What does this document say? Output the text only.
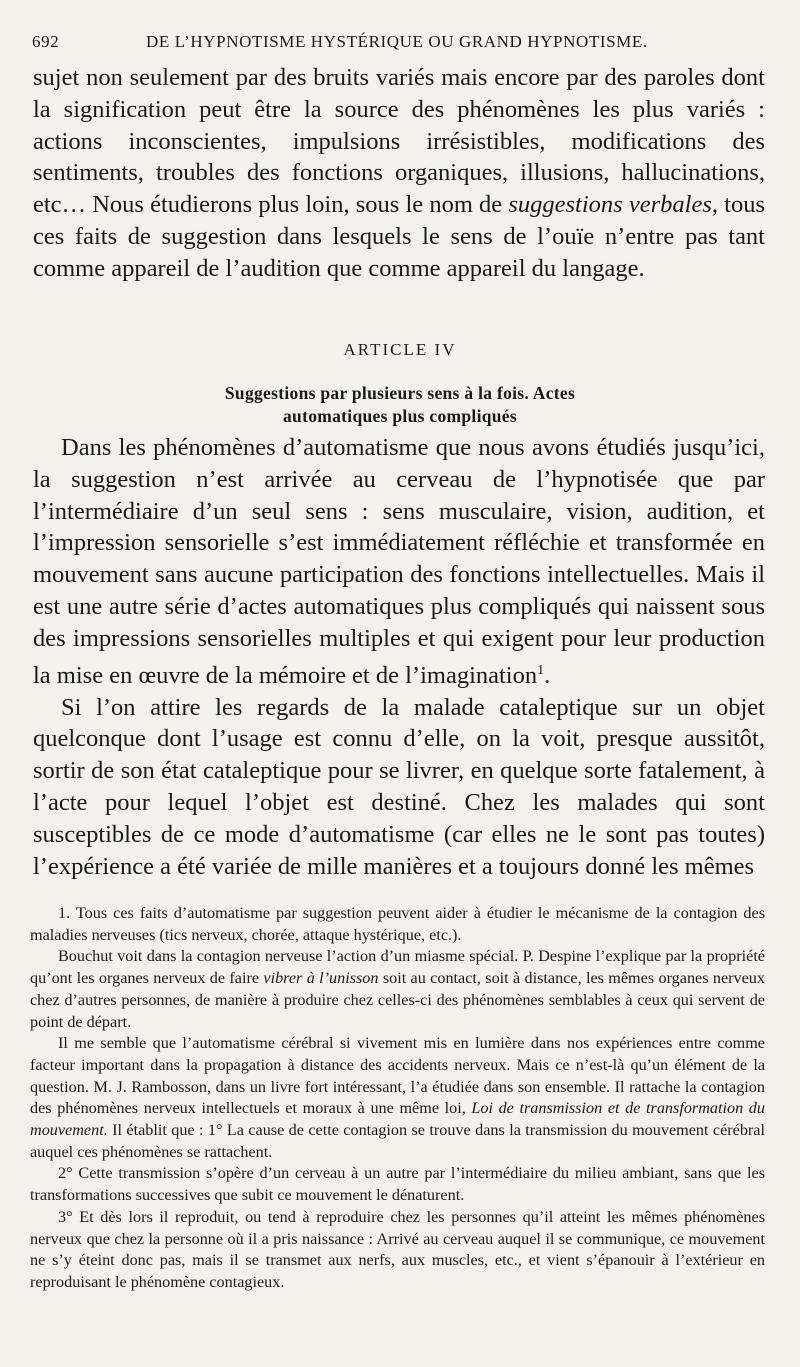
692	DE L’HYPNOTISME HYSTÉRIQUE OU GRAND HYPNOTISME.

sujet non seulement par des bruits variés mais encore par des paroles dont la signification peut être la source des phénomènes les plus variés : actions inconscientes, impulsions irrésistibles, modifications des sentiments, troubles des fonctions organiques, illusions, hallucinations, etc… Nous étudierons plus loin, sous le nom de suggestions verbales, tous ces faits de suggestion dans lesquels le sens de l’ouïe n’entre pas tant comme appareil de l’audition que comme appareil du langage.

ARTICLE IV
Suggestions par plusieurs sens à la fois. Actes
automatiques plus compliqués

Dans les phénomènes d’automatisme que nous avons étudiés jusqu’ici, la suggestion n’est arrivée au cerveau de l’hypnotisée que par l’intermédiaire d’un seul sens : sens musculaire, vision, audition, et l’impression sensorielle s’est immédiatement réfléchie et transformée en mouvement sans aucune participation des fonctions intellectuelles. Mais il est une autre série d’actes automatiques plus compliqués qui naissent sous des impressions sensorielles multiples et qui exigent pour leur production la mise en œuvre de la mémoire et de l’imagination$^1$.

Si l’on attire les regards de la malade cataleptique sur un objet quelconque dont l’usage est connu d’elle, on la voit, presque aussitôt, sortir de son état cataleptique pour se livrer, en quelque sorte fatalement, à l’acte pour lequel l’objet est destiné. Chez les malades qui sont susceptibles de ce mode d’automatisme (car elles ne le sont pas toutes) l’expérience a été variée de mille manières et a toujours donné les mêmes

1. Tous ces faits d’automatisme par suggestion peuvent aider à étudier le mécanisme de la contagion des maladies nerveuses (tics nerveux, chorée, attaque hystérique, etc.).

Bouchut voit dans la contagion nerveuse l’action d’un miasme spécial. P. Despine l’explique par la propriété qu’ont les organes nerveux de faire vibrer à l’unisson soit au contact, soit à distance, les mêmes organes nerveux chez d’autres personnes, de manière à produire chez celles-ci des phénomènes semblables à ceux qui servent de point de départ.

Il me semble que l’automatisme cérébral si vivement mis en lumière dans nos expériences entre comme facteur important dans la propagation à distance des accidents nerveux. Mais ce n’est-là qu’un élément de la question. M. J. Rambosson, dans un livre fort intéressant, l’a étudiée dans son ensemble. Il rattache la contagion des phénomènes nerveux intellectuels et moraux à une même loi, Loi de transmission et de transformation du mouvement. Il établit que : 1° La cause de cette contagion se trouve dans la transmission du mouvement cérébral auquel ces phénomènes se rattachent.

2° Cette transmission s’opère d’un cerveau à un autre par l’intermédiaire du milieu ambiant, sans que les transformations successives que subit ce mouvement le dénaturent.

3° Et dès lors il reproduit, ou tend à reproduire chez les personnes qu’il atteint les mêmes phénomènes nerveux que chez la personne où il a pris naissance : Arrivé au cerveau auquel il se communique, ce mouvement ne s’y éteint donc pas, mais il se transmet aux nerfs, aux muscles, etc., et vient s’épanouir à l’extérieur en reproduisant le phénomène contagieux.
